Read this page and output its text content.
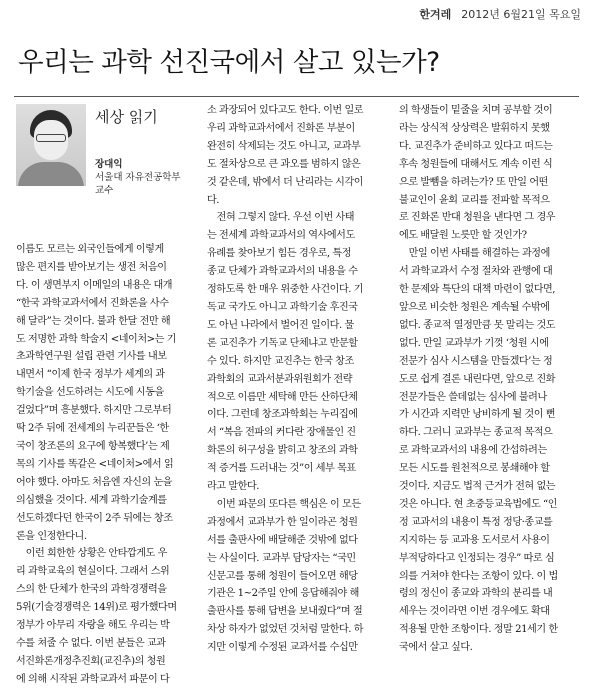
한겨레 2012년 6월21일 목요일
우리는 과학 선진국에서 살고 있는가?
세상 읽기
장대익
서울대 자유전공학부
교수
이름도 모르는 외국인들에게 이렇게
많은 편지를 받아보기는 생전 처음이
다. 이 생면부지 이메일의 내용은 대개
“한국 과학교과서에서 진화론을 사수
해 달라”는 것이다. 불과 한달 전만 해
도 저명한 과학 학술지 <네이처>는 기
초과학연구원 설립 관련 기사를 내보
내면서 “이제 한국 정부가 세계의 과
학기술을 선도하려는 시도에 시동을
걸었다”며 흥분했다. 하지만 그로부터
딱 2주 뒤에 전세계의 누리꾼들은 ‘한
국이 창조론의 요구에 항복했다’는 제
목의 기사를 똑같은 <네이처>에서 읽
어야 했다. 아마도 처음엔 자신의 눈을
의심했을 것이다. 세계 과학기술계를
선도하겠다던 한국이 2주 뒤에는 창조
론을 인정한다니.
　이런 희한한 상황은 안타깝게도 우
리 과학교육의 현실이다. 그래서 스위
스의 한 단체가 한국의 과학경쟁력을
5위(기술경쟁력은 14위)로 평가했다며
정부가 아무리 자랑을 해도 우리는 박
수를 쳐줄 수 없다. 이번 분들은 교과
서진화론개정추진회(교진추)의 청원
에 의해 시작된 과학교과서 파문이 다
소 과장되어 있다고도 한다. 이번 일로
우리 과학교과서에서 진화론 부분이
완전히 삭제되는 것도 아니고, 교과부
도 절차상으로 큰 과오를 범하지 않은
것 같은데, 밖에서 더 난리라는 시각이
다.
　전혀 그렇지 않다. 우선 이번 사태
는 전세계 과학교과서의 역사에서도
유례를 찾아보기 힘든 경우로, 특정
종교 단체가 과학교과서의 내용을 수
정하도록 한 매우 위중한 사건이다. 기
독교 국가도 아니고 과학기술 후진국
도 아닌 나라에서 벌어진 일이다. 물
론 교진추가 기독교 단체냐고 반문할
수 있다. 하지만 교진추는 한국 창조
과학회의 교과서분과위원회가 전략
적으로 이름만 세탁해 만든 산하단체
이다. 그런데 창조과학회는 누리집에
서 “복음 전파의 커다란 장애물인 진
화론의 허구성을 밝히고 창조의 과학
적 증거를 드러내는 것”이 세부 목표
라고 말한다.
　이번 파문의 또다른 핵심은 이 모든
과정에서 교과부가 한 일이라곤 청원
서를 출판사에 배달해준 것밖에 없다
는 사실이다. 교과부 담당자는 “국민
신문고를 통해 청원이 들어오면 해당
기관은 1~2주일 안에 응답해줘야 해
출판사를 통해 답변을 보내줬다”며 절
차상 하자가 없었던 것처럼 말한다. 하
지만 이렇게 수정된 교과서를 수십만
의 학생들이 밑줄을 치며 공부할 것이
라는 상식적 상상력은 발휘하지 못했
다. 교진추가 준비하고 있다고 떠드는
후속 청원들에 대해서도 계속 이런 식
으로 발뺌을 하려는가? 또 만일 어떤
불교인이 윤회 교리를 전파할 목적으
로 진화론 반대 청원을 낸다면 그 경우
에도 배달원 노릇만 할 것인가?
　만일 이번 사태를 해결하는 과정에
서 과학교과서 수정 절차와 관행에 대
한 문제와 특단의 대책 마련이 없다면,
앞으로 비슷한 청원은 계속될 수밖에
없다. 종교적 열정만큼 못 말리는 것도
없다. 만일 교과부가 기껏 ‘청원 시에
전문가 심사 시스템을 만들겠다’는 정
도로 쉽게 결론 내린다면, 앞으로 진화
전문가들은 쓸데없는 심사에 불려나
가 시간과 지력만 낭비하게 될 것이 뻔
하다. 그러니 교과부는 종교적 목적으
로 과학교과서의 내용에 간섭하려는
모든 시도를 원천적으로 봉쇄해야 할
것이다. 지금도 법적 근거가 전혀 없는
것은 아니다. 현 초중등교육법에도 “인
정 교과서의 내용이 특정 정당·종교를
지지하는 등 교과용 도서로서 사용이
부적당하다고 인정되는 경우” 따로 심
의를 거쳐야 한다는 조항이 있다. 이 법
령의 정신이 종교와 과학의 분리를 내
세우는 것이라면 이번 경우에도 확대
적용될 만한 조항이다. 정말 21세기 한
국에서 살고 싶다.
